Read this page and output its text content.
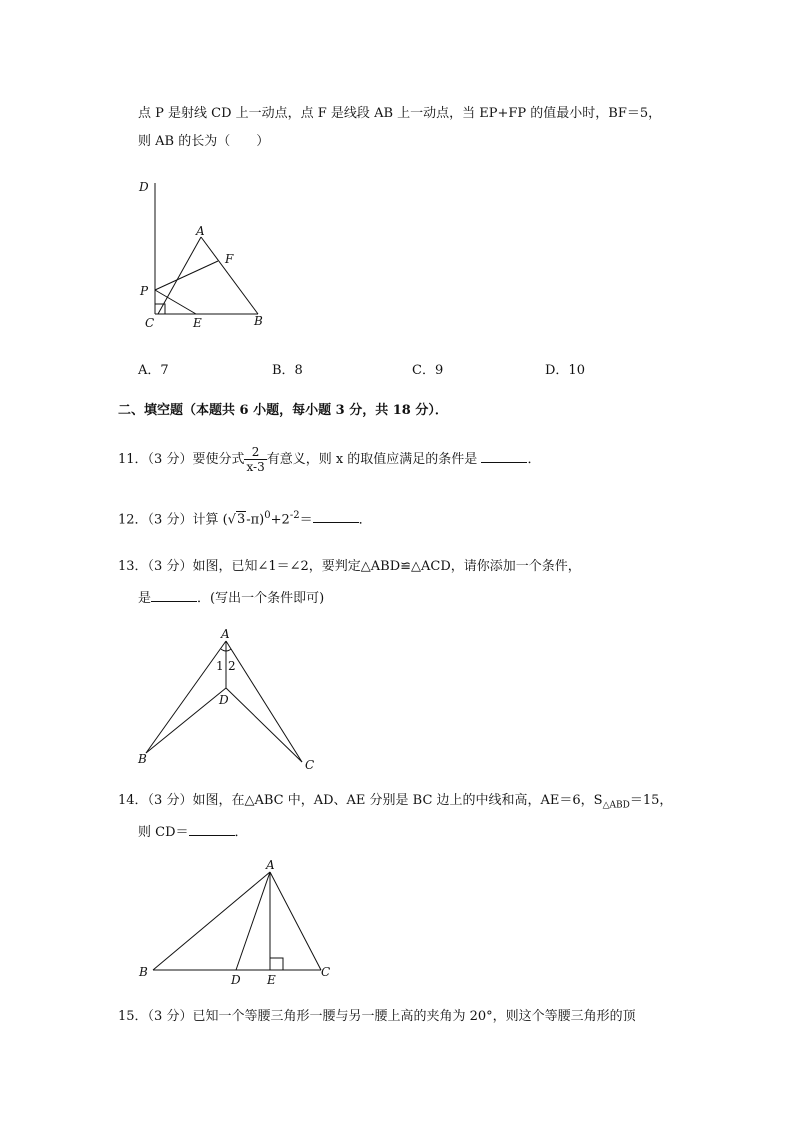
点 P 是射线 CD 上一动点，点 F 是线段 AB 上一动点，当 EP+FP 的值最小时，BF＝5，
则 AB 的长为（　　）
D
A
F
P
C	E	B
A．7	B．8	C．9	D．10
二、填空题（本题共 6 小题，每小题 3 分，共 18 分）．
11．（3 分）要使分式 $\frac{2}{x-3}$ 有意义，则 x 的取值应满足的条件是	．
12．（3 分）计算 $(√3-\pi)^0+2^{-2}=$	．
13．（3 分）如图，已知∠1＝∠2，要判定△ABD≌△ACD，请你添加一个条件，
是	．(写出一个条件即可)
A
1 2
D
B	C
14．（3 分）如图，在△ABC 中，AD、AE 分别是 BC 边上的中线和高，AE＝6，$S_{\triangle ABD}=15$，
则 CD＝	．
A
B
D E
C
15．（3 分）已知一个等腰三角形一腰与另一腰上高的夹角为 20°，则这个等腰三角形的顶
